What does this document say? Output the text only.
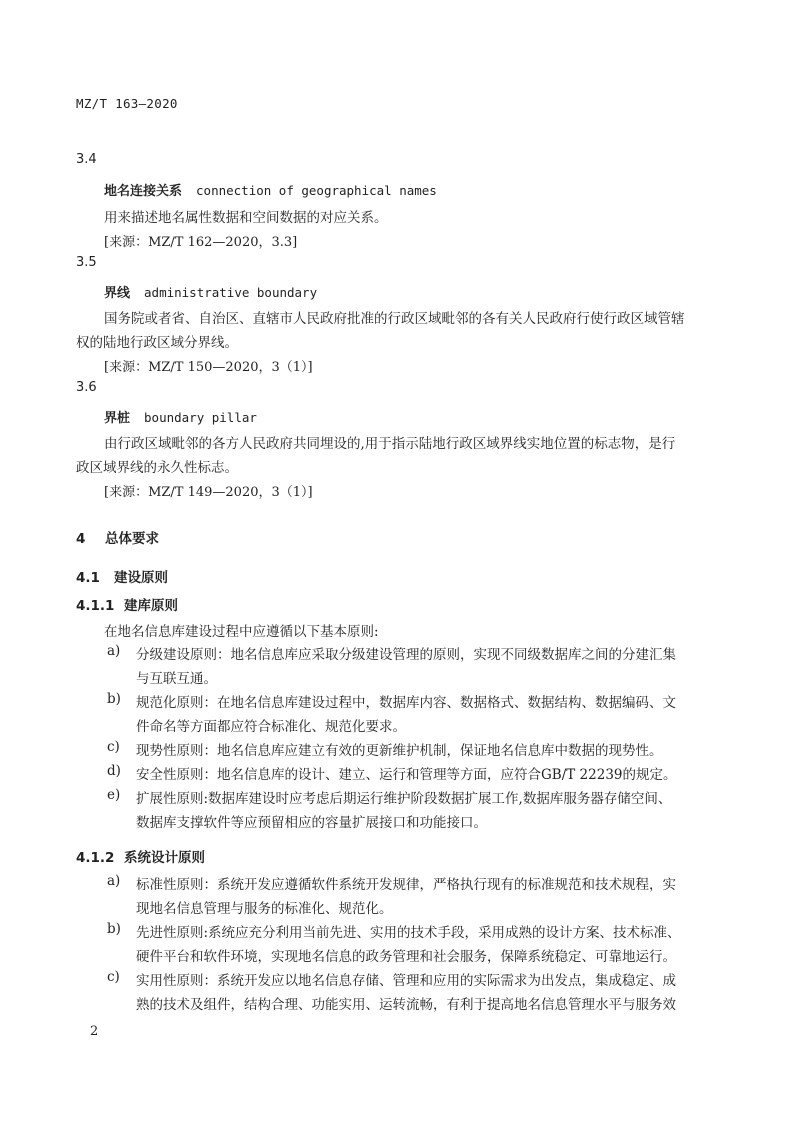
MZ/T 163—2020
3.4
地名连接关系 connection of geographical names
用来描述地名属性数据和空间数据的对应关系。
[来源：MZ/T 162—2020，3.3]
3.5
界线 administrative boundary
国务院或者省、自治区、直辖市人民政府批准的行政区域毗邻的各有关人民政府行使行政区域管辖
权的陆地行政区域分界线。
[来源：MZ/T 150—2020，3（1）]
3.6
界桩 boundary pillar
由行政区域毗邻的各方人民政府共同埋设的,用于指示陆地行政区域界线实地位置的标志物，是行
政区域界线的永久性标志。
[来源：MZ/T 149—2020，3（1）]
4 总体要求
4.1 建设原则
4.1.1 建库原则
在地名信息库建设过程中应遵循以下基本原则:
a) 分级建设原则：地名信息库应采取分级建设管理的原则，实现不同级数据库之间的分建汇集
与互联互通。
b) 规范化原则：在地名信息库建设过程中，数据库内容、数据格式、数据结构、数据编码、文
件命名等方面都应符合标准化、规范化要求。
c) 现势性原则：地名信息库应建立有效的更新维护机制，保证地名信息库中数据的现势性。
d) 安全性原则：地名信息库的设计、建立、运行和管理等方面，应符合GB/T 22239的规定。
e) 扩展性原则:数据库建设时应考虑后期运行维护阶段数据扩展工作,数据库服务器存储空间、
数据库支撑软件等应预留相应的容量扩展接口和功能接口。
4.1.2 系统设计原则
a) 标准性原则：系统开发应遵循软件系统开发规律，严格执行现有的标准规范和技术规程，实
现地名信息管理与服务的标准化、规范化。
b) 先进性原则:系统应充分利用当前先进、实用的技术手段，采用成熟的设计方案、技术标准、
硬件平台和软件环境，实现地名信息的政务管理和社会服务，保障系统稳定、可靠地运行。
c) 实用性原则：系统开发应以地名信息存储、管理和应用的实际需求为出发点，集成稳定、成
熟的技术及组件，结构合理、功能实用、运转流畅，有利于提高地名信息管理水平与服务效
2
